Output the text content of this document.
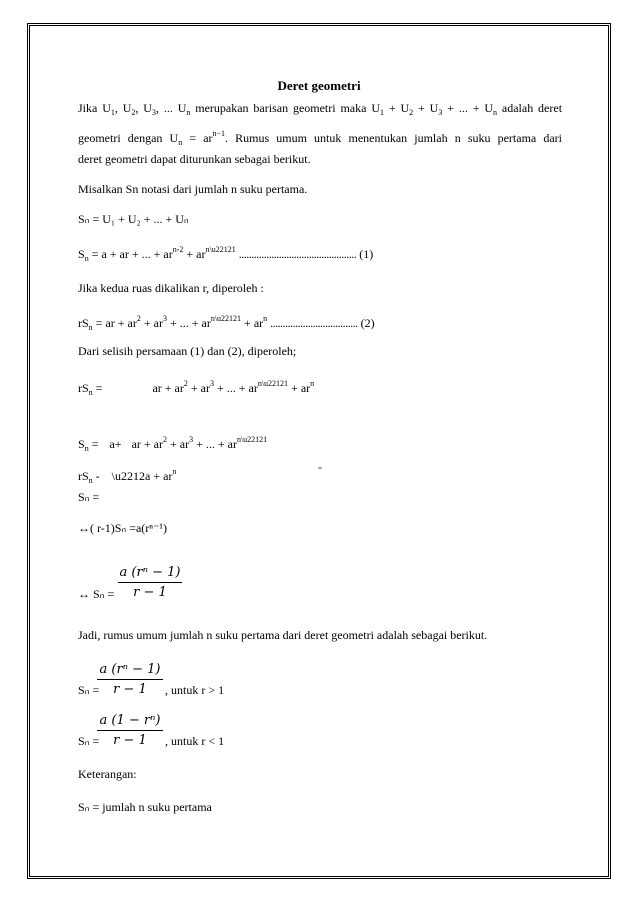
Deret geometri
Jika $U_1$, $U_2$, $U_3$, ... $U_n$ merupakan barisan geometri maka $U_1 + U_2 + U_3$ + ... + $U_n$ adalah deret
geometri dengan $U_n = ar^{n-1}$. Rumus umum untuk menentukan jumlah n suku pertama dari
deret geometri dapat diturunkan sebagai berikut.
Misalkan Sn notasi dari jumlah n suku pertama.
Sₙ = U₁ + U₂ + ... + Uₙ
$S_n = a$ + ar + ... + $ar^{n-2} + ar^{n\backslash u22121}$ ............................................... (1)
Jika kedua ruas dikalikan r, diperoleh :
$rS_n$ = ar + $ar^2 + ar^3$ + ... + $ar^{n\backslash u22121} + ar^n$ ................................... (2)
Dari selisih persamaan (1) dan (2), diperoleh;
$rS_n$ =	ar + $ar^2 + ar^3$ + ... + $ar^{n\backslash u22121} + ar^n$
$S_n = a+$  ar + $ar^2 + ar^3$ + ... + $ar^{n\backslash u22121}$
$rS_n$ -  \u2212a + $ar^n$	-
Sₙ =
↔( r-1)Sₙ =a(rⁿ⁻¹)
↔ Sₙ =
a (rⁿ − 1)
r − 1
Jadi, rumus umum jumlah n suku pertama dari deret geometri adalah sebagai berikut.
Sₙ =
a (rⁿ − 1)
r − 1	, untuk r > 1
Sₙ =
a (1 − rⁿ)
r − 1	, untuk r < 1
Keterangan:
Sₙ = jumlah n suku pertama
